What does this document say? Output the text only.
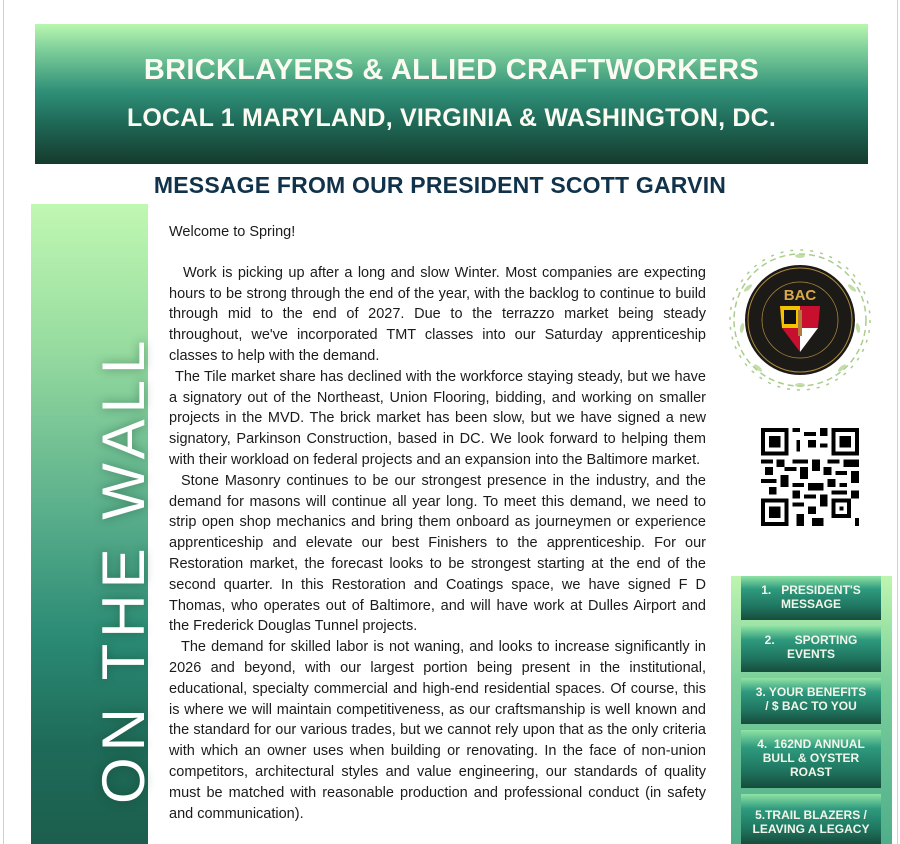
BRICKLAYERS & ALLIED CRAFTWORKERS
LOCAL 1 MARYLAND, VIRGINIA & WASHINGTON, DC.
MESSAGE FROM OUR PRESIDENT SCOTT GARVIN
ON THE WALL

Welcome to Spring!

Work is picking up after a long and slow Winter. Most companies are expecting hours to be strong through the end of the year, with the backlog to continue to build through mid to the end of 2027. Due to the terrazzo market being steady throughout, we've incorporated TMT classes into our Saturday apprenticeship classes to help with the demand.

The Tile market share has declined with the workforce staying steady, but we have a signatory out of the Northeast, Union Flooring, bidding, and working on smaller projects in the MVD. The brick market has been slow, but we have signed a new signatory, Parkinson Construction, based in DC. We look forward to helping them with their workload on federal projects and an expansion into the Baltimore market.

Stone Masonry continues to be our strongest presence in the industry, and the demand for masons will continue all year long. To meet this demand, we need to strip open shop mechanics and bring them onboard as journeymen or experience apprenticeship and elevate our best Finishers to the apprenticeship. For our Restoration market, the forecast looks to be strongest starting at the end of the second quarter. In this Restoration and Coatings space, we have signed F D Thomas, who operates out of Baltimore, and will have work at Dulles Airport and the Frederick Douglas Tunnel projects.

The demand for skilled labor is not waning, and looks to increase significantly in 2026 and beyond, with our largest portion being present in the institutional, educational, specialty commercial and high-end residential spaces. Of course, this is where we will maintain competitiveness, as our craftsmanship is well known and the standard for our various trades, but we cannot rely upon that as the only criteria with which an owner uses when building or renovating. In the face of non-union competitors, architectural styles and value engineering, our standards of quality must be matched with reasonable production and professional conduct (in safety and communication).

BAC
1.   PRESIDENT'S
MESSAGE
2.      SPORTING
EVENTS
3. YOUR BENEFITS
/ $ BAC TO YOU
4.  162ND ANNUAL
BULL & OYSTER
ROAST
5.TRAIL BLAZERS /
LEAVING A LEGACY
